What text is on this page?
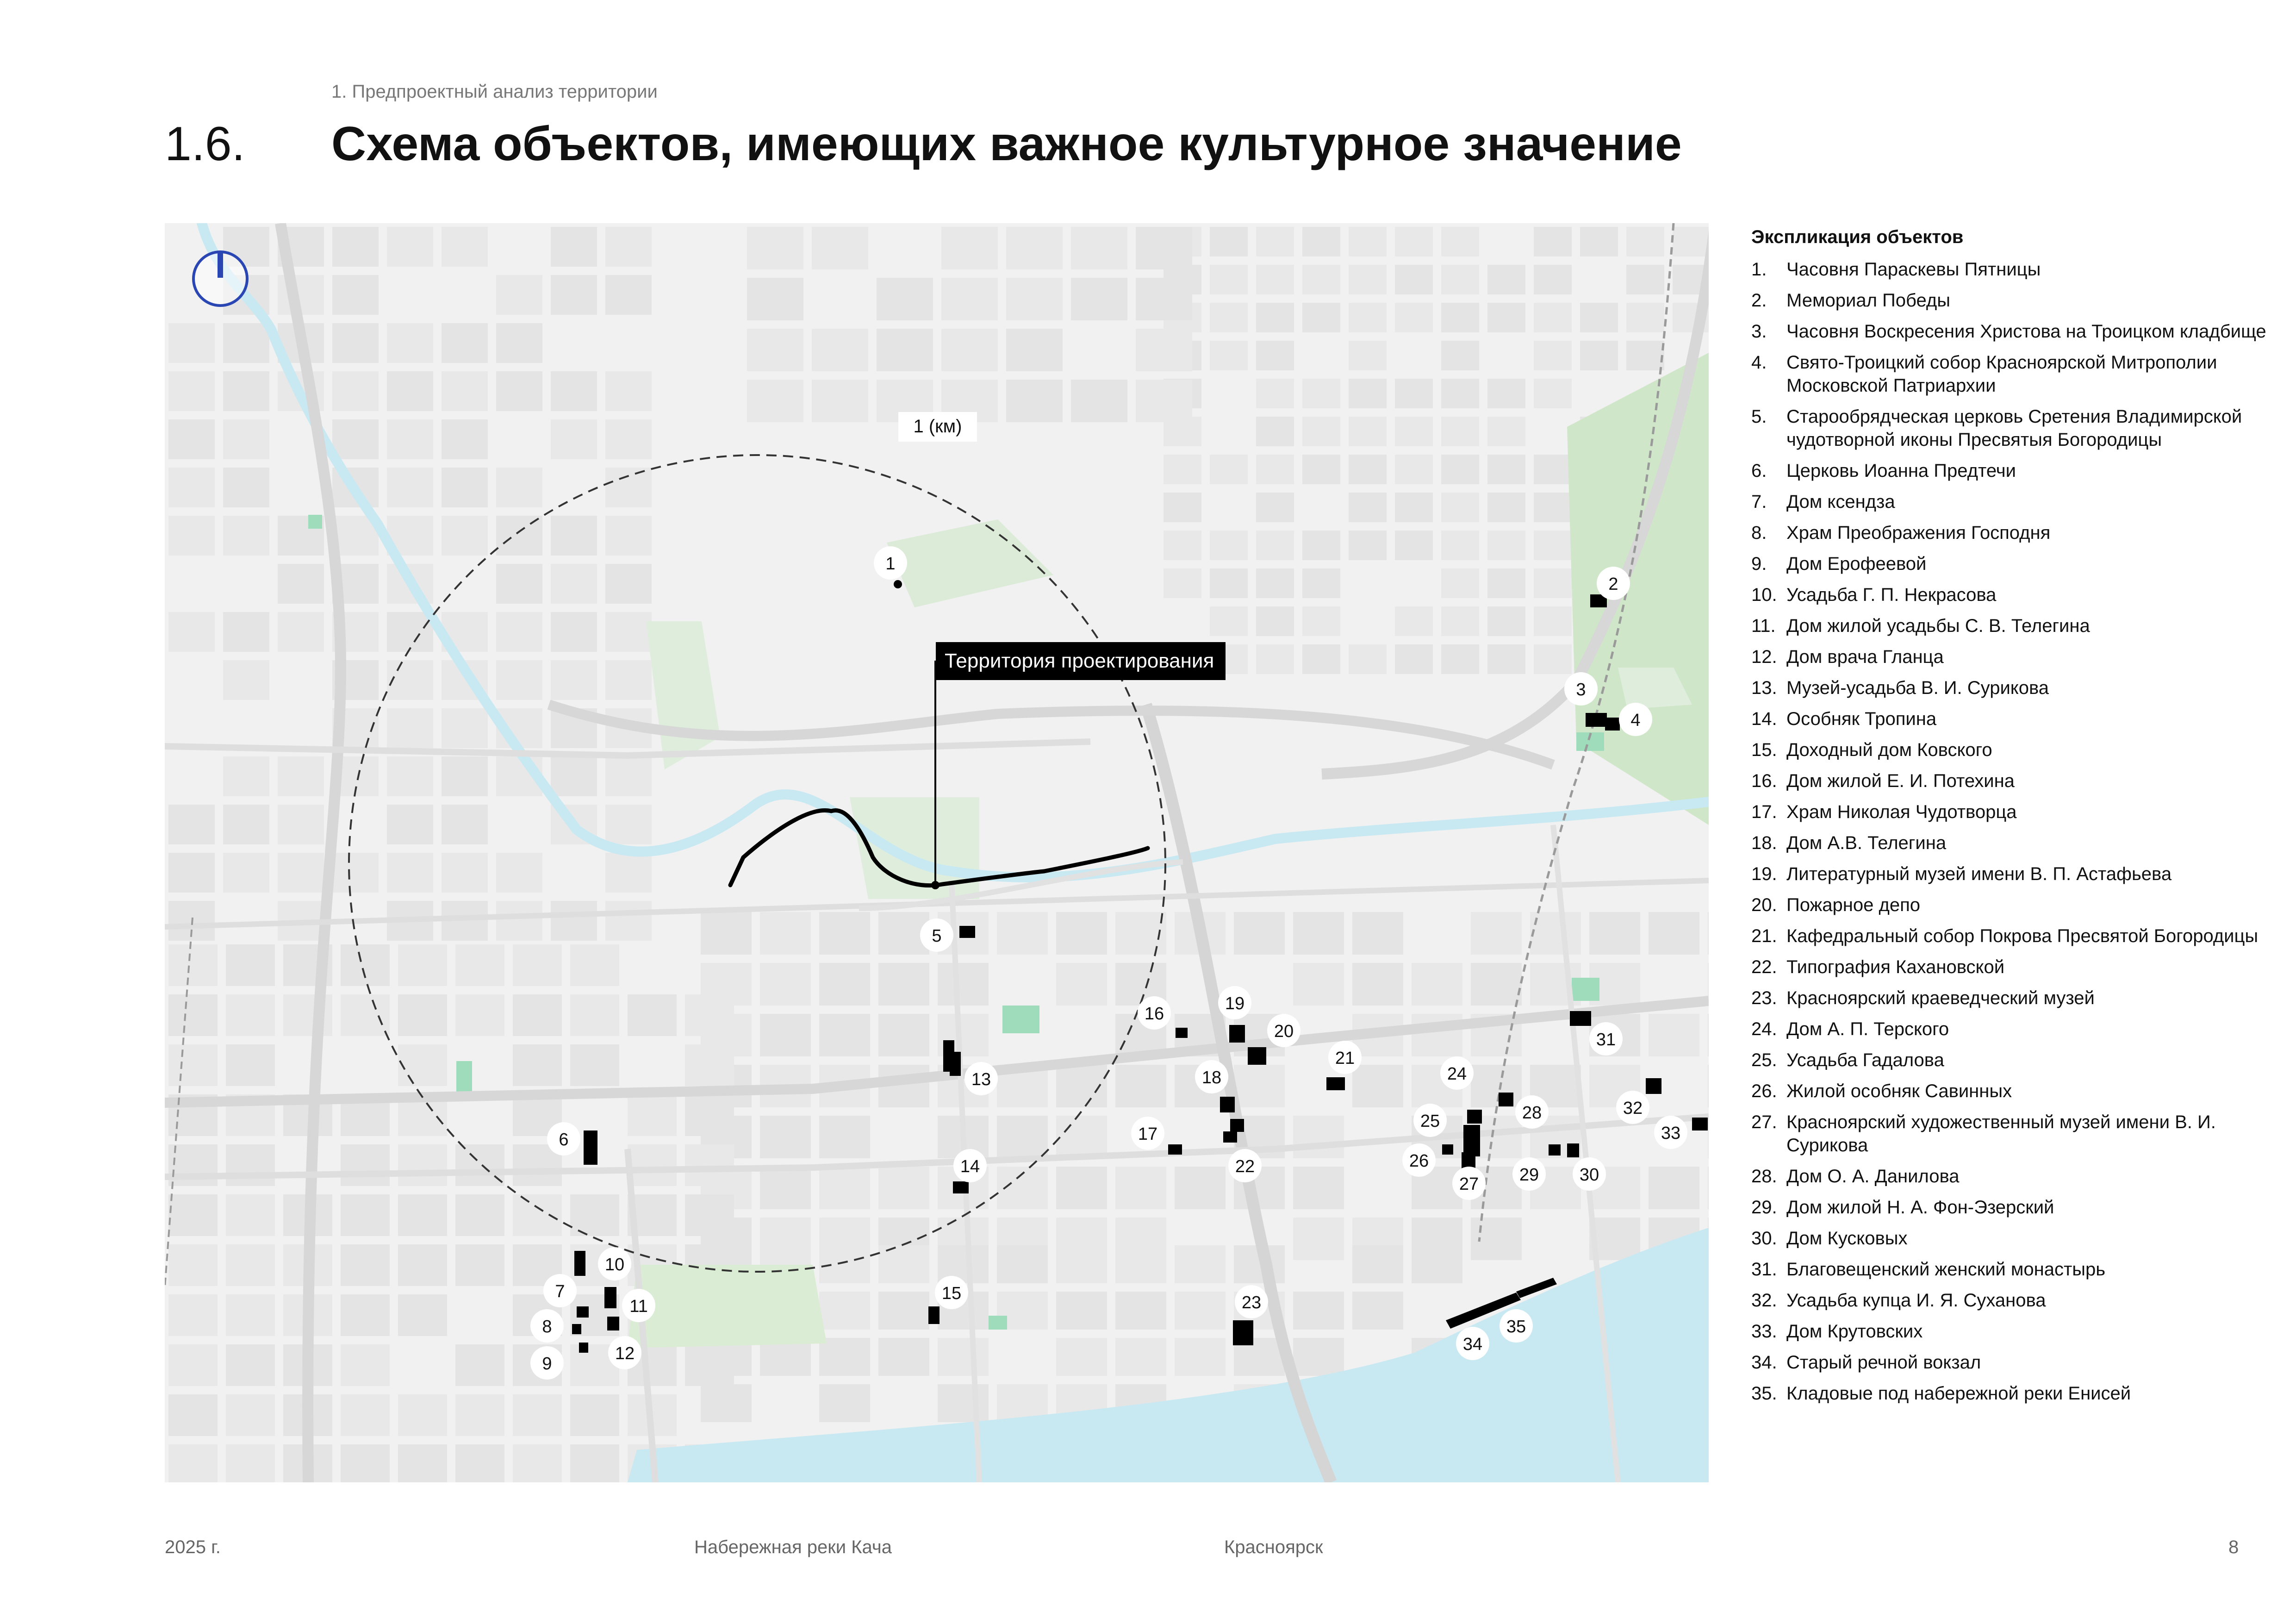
1. Предпроектный анализ территории
1.6. Схема объектов, имеющих важное культурное значение
1
2
3
4
5
6
7
8
9
10
11
12
13
14
15
16
17
18
19
20
21
22
23
24
25
26
27
28
29 30
31
32
33
34
35
1 (км)
Территория проектирования
Экспликация объектов
1.	Часовня Параскевы Пятницы
2.	Мемориал Победы
3.	Часовня Воскресения Христова на Троицком кладбище
4.	Свято-Троицкий собор Красноярской Митрополии Московской Патриархии
5.	Старообрядческая церковь Сретения Владимирской чудотворной иконы Пресвятыя Богородицы
6.	Церковь Иоанна Предтечи
7.	Дом ксендза
8.	Храм Преображения Господня
9.	Дом Ерофеевой
10. Усадьба Г. П. Некрасова
11. Дом жилой усадьбы С. В. Телегина
12. Дом врача Гланца
13. Музей-усадьба В. И. Сурикова
14. Особняк Тропина
15. Доходный дом Ковского
16. Дом жилой Е. И. Потехина
17. Храм Николая Чудотворца
18. Дом А.В. Телегина
19. Литературный музей имени В. П. Астафьева
20. Пожарное депо
21. Кафедральный собор Покрова Пресвятой Богородицы
22. Типография Кахановской
23. Красноярский краеведческий музей
24. Дом А. П. Терского
25. Усадьба Гадалова
26. Жилой особняк Савинных
27. Красноярский художественный музей имени В. И. Сурикова
28. Дом О. А. Данилова
29. Дом жилой Н. А. Фон-Эзерский
30. Дом Кусковых
31. Благовещенский женский монастырь
32. Усадьба купца И. Я. Суханова
33. Дом Крутовских
34. Старый речной вокзал
35. Кладовые под набережной реки Енисей
2025 г.	Набережная реки Кача	Красноярск	8
